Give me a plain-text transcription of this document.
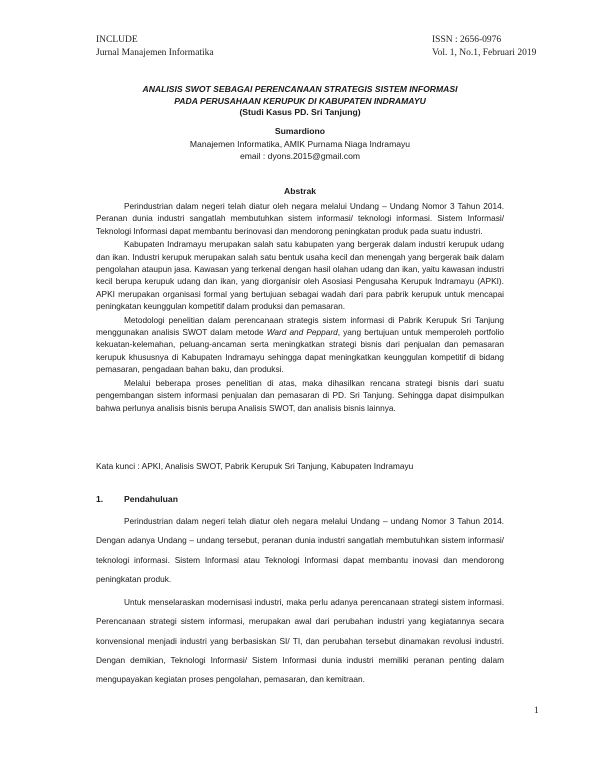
INCLUDE
Jurnal Manajemen Informatika
ISSN : 2656-0976
Vol. 1, No.1, Februari 2019
ANALISIS SWOT SEBAGAI PERENCANAAN STRATEGIS SISTEM INFORMASI
PADA PERUSAHAAN KERUPUK DI KABUPATEN INDRAMAYU
(Studi Kasus PD. Sri Tanjung)
Sumardiono
Manajemen Informatika, AMIK Purnama Niaga Indramayu
email : dyons.2015@gmail.com
Abstrak

Perindustrian dalam negeri telah diatur oleh negara melalui Undang – Undang Nomor 3 Tahun 2014. Peranan dunia industri sangatlah membutuhkan sistem informasi/ teknologi informasi. Sistem Informasi/ Teknologi Informasi dapat membantu berinovasi dan mendorong peningkatan produk pada suatu industri.

Kabupaten Indramayu merupakan salah satu kabupaten yang bergerak dalam industri kerupuk udang dan ikan. Industri kerupuk merupakan salah satu bentuk usaha kecil dan menengah yang bergerak baik dalam pengolahan ataupun jasa. Kawasan yang terkenal dengan hasil olahan udang dan ikan, yaitu kawasan industri kecil berupa kerupuk udang dan ikan, yang diorganisir oleh Asosiasi Pengusaha Kerupuk Indramayu (APKI). APKI merupakan organisasi formal yang bertujuan sebagai wadah dari para pabrik kerupuk untuk mencapai peningkatan keunggulan kompetitif dalam produksi dan pemasaran.

Metodologi penelitian dalam perencanaan strategis sistem informasi di Pabrik Kerupuk Sri Tanjung menggunakan analisis SWOT dalam metode Ward and Peppard, yang bertujuan untuk memperoleh portfolio kekuatan-kelemahan, peluang-ancaman serta meningkatkan strategi bisnis dari penjualan dan pemasaran kerupuk khususnya di Kabupaten Indramayu sehingga dapat meningkatkan keunggulan kompetitif di bidang pemasaran, pengadaan bahan baku, dan produksi.

Melalui beberapa proses penelitian di atas, maka dihasilkan rencana strategi bisnis dari suatu pengembangan sistem informasi penjualan dan pemasaran di PD. Sri Tanjung. Sehingga dapat disimpulkan bahwa perlunya analisis bisnis berupa Analisis SWOT, dan analisis bisnis lainnya.

Kata kunci : APKI, Analisis SWOT, Pabrik Kerupuk Sri Tanjung, Kabupaten Indramayu
1. Pendahuluan

Perindustrian dalam negeri telah diatur oleh negara melalui Undang – undang Nomor 3 Tahun 2014. Dengan adanya Undang – undang tersebut, peranan dunia industri sangatlah membutuhkan sistem informasi/ teknologi informasi. Sistem Informasi atau Teknologi Informasi dapat membantu inovasi dan mendorong peningkatan produk.

Untuk menselaraskan modernisasi industri, maka perlu adanya perencanaan strategi sistem informasi. Perencanaan strategi sistem informasi, merupakan awal dari perubahan industri yang kegiatannya secara konvensional menjadi industri yang berbasiskan SI/ TI, dan perubahan tersebut dinamakan revolusi industri. Dengan demikian, Teknologi Informasi/ Sistem Informasi dunia industri memiliki peranan penting dalam mengupayakan kegiatan proses pengolahan, pemasaran, dan kemitraan.

1
